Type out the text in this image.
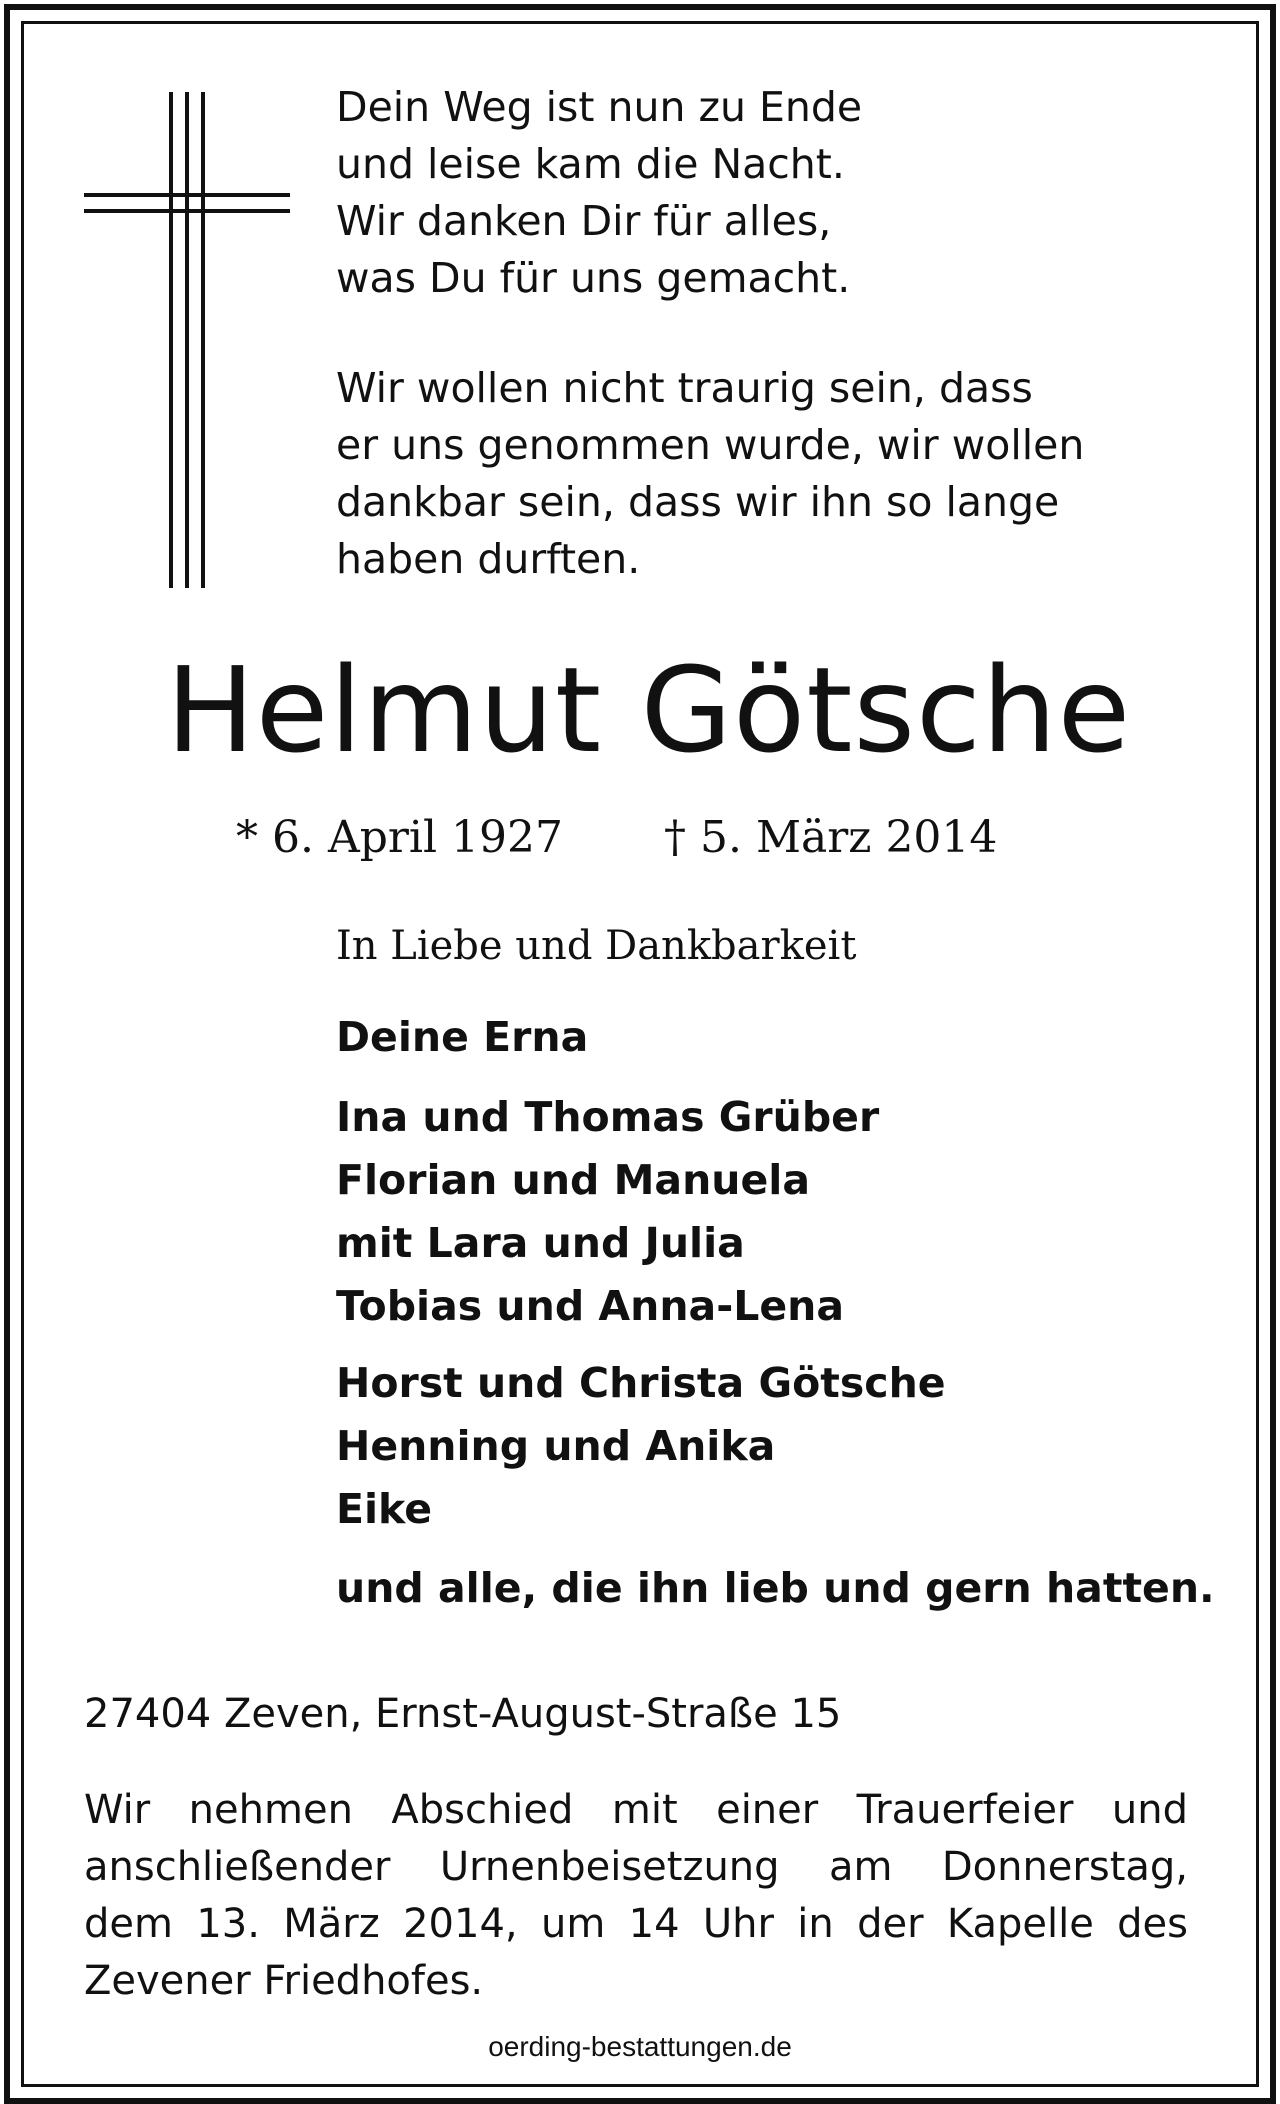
Dein Weg ist nun zu Ende
und leise kam die Nacht.
Wir danken Dir für alles,
was Du für uns gemacht.
Wir wollen nicht traurig sein, dass
er uns genommen wurde, wir wollen
dankbar sein, dass wir ihn so lange
haben durften.
Helmut Götsche
* 6. April 1927 † 5. März 2014
In Liebe und Dankbarkeit
Deine Erna
Ina und Thomas Grüber
Florian und Manuela
mit Lara und Julia
Tobias und Anna-Lena
Horst und Christa Götsche
Henning und Anika
Eike
und alle, die ihn lieb und gern hatten.
27404 Zeven, Ernst-August-Straße 15
Wir nehmen Abschied mit einer Trauerfeier und
anschließender Urnenbeisetzung am Donnerstag,
dem 13. März 2014, um 14 Uhr in der Kapelle des
Zevener Friedhofes.
oerding-bestattungen.de
